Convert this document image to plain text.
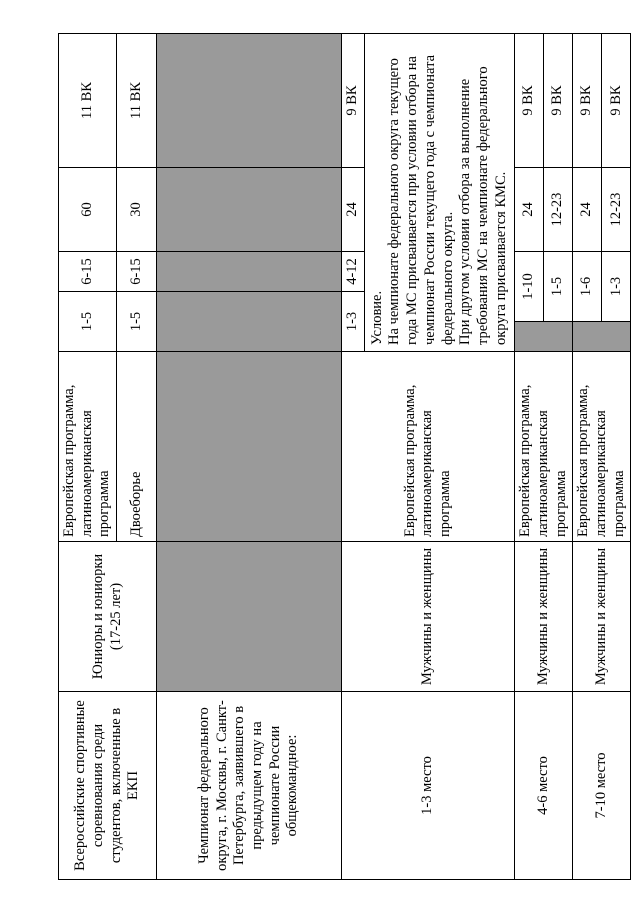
Всероссийские спортивные соревнования среди студентов, включенные в ЕКП	Юниоры и юниорки (17-25 лет)	Европейская программа, латиноамериканская программа	1-5		6-15	60	11 ВК
		Двоеборье	1-5		6-15	30	11 ВК
Чемпионат федерального округа, г. Москвы, г. Санкт-Петербурга, заявившего в предыдущем году на чемпионате России общекомандное:							
1-3 место	Мужчины и женщины	Европейская программа, латиноамериканская программа	1-3		4-12	24	9 ВК
			Условие.
На чемпионате федерального округа текущего года МС присваивается при условии отбора на чемпионат России текущего года с чемпионата федерального округа.
При другом условии отбора за выполнение требования МС на чемпионате федерального округа присваивается КМС.				
4-6 место	Мужчины и женщины	Европейская программа, латиноамериканская программа		1-10		24	9 ВК
				1-5		12-23	9 ВК
7-10 место	Мужчины и женщины	Европейская программа, латиноамериканская программа		1-6		24	9 ВК
				1-3		12-23	9 ВК
